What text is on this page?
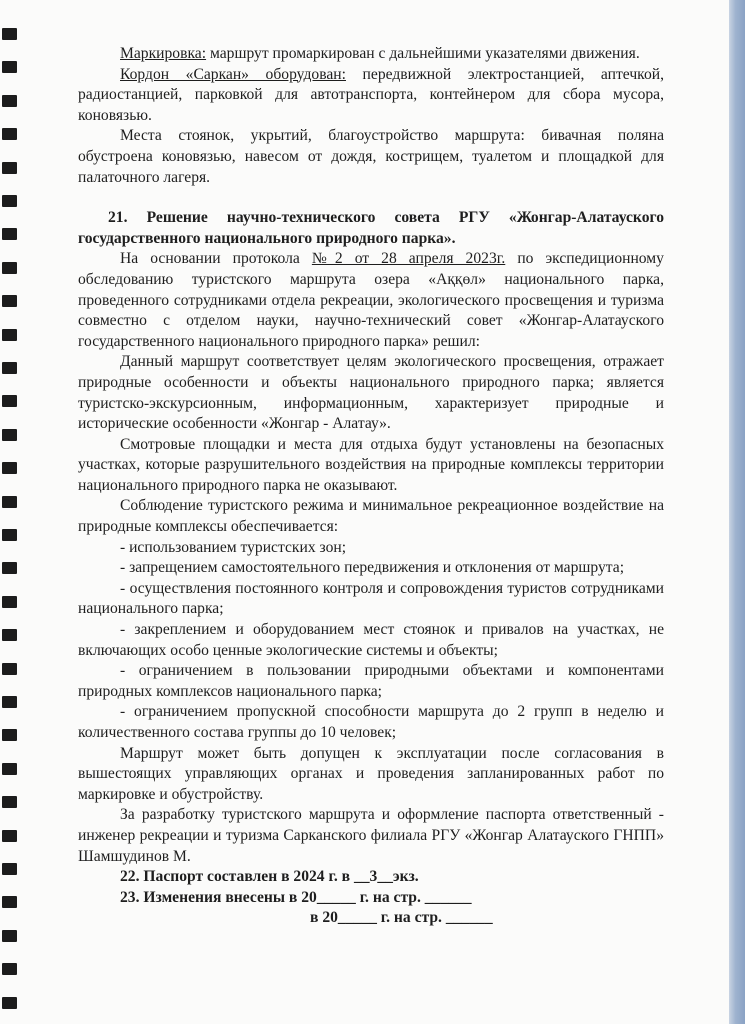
Маркировка: маршрут промаркирован с дальнейшими указателями движения.

Кордон «Саркан» оборудован: передвижной электростанцией, аптечкой, радиостанцией, парковкой для автотранспорта, контейнером для сбора мусора, коновязью.

Места стоянок, укрытий, благоустройство маршрута: бивачная поляна обустроена коновязью, навесом от дождя, кострищем, туалетом и площадкой для палаточного лагеря.

21. Решение научно-технического совета РГУ «Жонгар-Алатауского государственного национального природного парка».

На основании протокола №2 от 28 апреля 2023г. по экспедиционному обследованию туристского маршрута озера «Аққөл» национального парка, проведенного сотрудниками отдела рекреации, экологического просвещения и туризма совместно с отделом науки, научно-технический совет «Жонгар-Алатауского государственного национального природного парка» решил:

Данный маршрут соответствует целям экологического просвещения, отражает природные особенности и объекты национального природного парка; является туристско-экскурсионным, информационным, характеризует природные и исторические особенности «Жонгар - Алатау».

Смотровые площадки и места для отдыха будут установлены на безопасных участках, которые разрушительного воздействия на природные комплексы территории национального природного парка не оказывают.

Соблюдение туристского режима и минимальное рекреационное воздействие на природные комплексы обеспечивается:

- использованием туристских зон;

- запрещением самостоятельного передвижения и отклонения от маршрута;

- осуществления постоянного контроля и сопровождения туристов сотрудниками национального парка;

- закреплением и оборудованием мест стоянок и привалов на участках, не включающих особо ценные экологические системы и объекты;

- ограничением в пользовании природными объектами и компонентами природных комплексов национального парка;

- ограничением пропускной способности маршрута до 2 групп в неделю и количественного состава группы до 10 человек;

Маршрут может быть допущен к эксплуатации после согласования в вышестоящих управляющих органах и проведения запланированных работ по маркировке и обустройству.

За разработку туристского маршрута и оформление паспорта ответственный - инженер рекреации и туризма Сарканского филиала РГУ «Жонгар Алатауского ГНПП» Шамшудинов М.

22. Паспорт составлен в 2024 г. в __3__экз.

23. Изменения внесены в 20_____ г. на стр. ______

в 20_____ г. на стр. ______
